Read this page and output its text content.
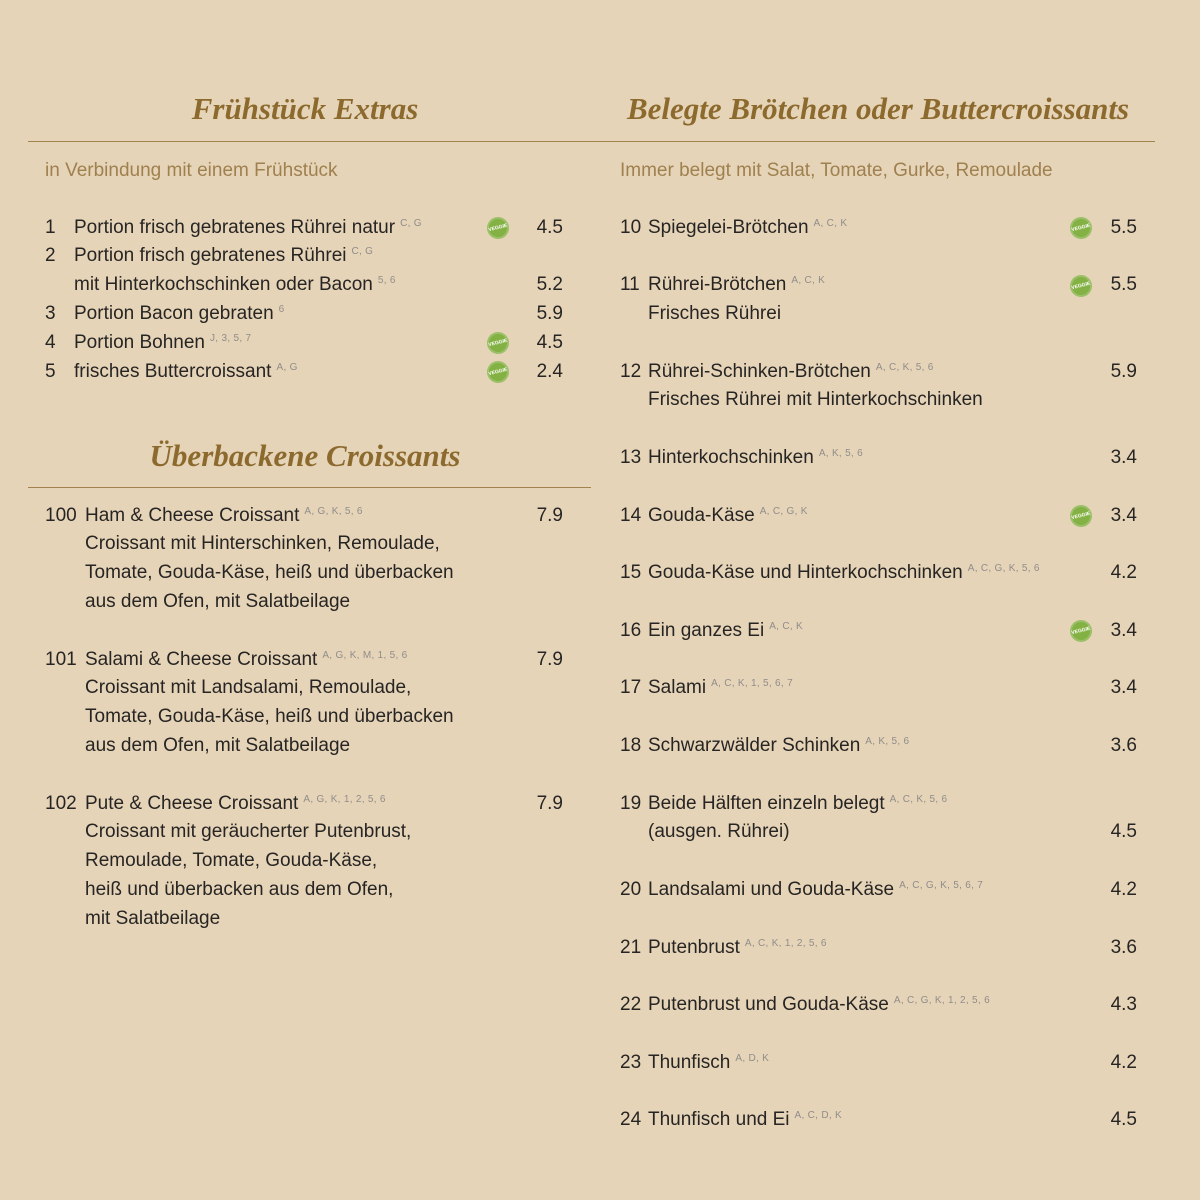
Frühstück Extras
in Verbindung mit einem Frühstück
1 Portion frisch gebratenes Rührei natur $^{C, G}$	VEGGIE 4.5
2 Portion frisch gebratenes Rührei $^{C, G}$
mit Hinterkochschinken oder Bacon $^{5, 6}$	5.2
3 Portion Bacon gebraten $^6$	5.9
4 Portion Bohnen $^{J, 3, 5, 7}$	VEGGIE 4.5
5 frisches Buttercroissant $^{A, G}$	VEGGIE 2.4
Überbackene Croissants
100 Ham & Cheese Croissant $^{A, G, K, 5, 6}$	7.9
Croissant mit Hinterschinken, Remoulade,
Tomate, Gouda-Käse, heiß und überbacken
aus dem Ofen, mit Salatbeilage
101 Salami & Cheese Croissant $^{A, G, K, M, 1, 5, 6}$	7.9
Croissant mit Landsalami, Remoulade,
Tomate, Gouda-Käse, heiß und überbacken
aus dem Ofen, mit Salatbeilage
102 Pute & Cheese Croissant $^{A, G, K, 1, 2, 5, 6}$	7.9
Croissant mit geräucherter Putenbrust,
Remoulade, Tomate, Gouda-Käse,
heiß und überbacken aus dem Ofen,
mit Salatbeilage
Belegte Brötchen oder Buttercroissants
Immer belegt mit Salat, Tomate, Gurke, Remoulade
10 Spiegelei-Brötchen $^{A, C, K}$	VEGGIE 5.5
11 Rührei-Brötchen $^{A, C, K}$	VEGGIE 5.5
Frisches Rührei
12 Rührei-Schinken-Brötchen $^{A, C, K, 5, 6}$	5.9
Frisches Rührei mit Hinterkochschinken
13 Hinterkochschinken $^{A, K, 5, 6}$	3.4
14 Gouda-Käse $^{A, C, G, K}$	VEGGIE 3.4
15 Gouda-Käse und Hinterkochschinken $^{A, C, G, K, 5, 6}$	4.2
16 Ein ganzes Ei $^{A, C, K}$	VEGGIE 3.4
17 Salami $^{A, C, K, 1, 5, 6, 7}$	3.4
18 Schwarzwälder Schinken $^{A, K, 5, 6}$	3.6
19 Beide Hälften einzeln belegt $^{A, C, K, 5, 6}$
(ausgen. Rührei)	4.5
20 Landsalami und Gouda-Käse $^{A, C, G, K, 5, 6, 7}$	4.2
21 Putenbrust $^{A, C, K, 1, 2, 5, 6}$	3.6
22 Putenbrust und Gouda-Käse $^{A, C, G, K, 1, 2, 5, 6}$	4.3
23 Thunfisch $^{A, D, K}$	4.2
24 Thunfisch und Ei $^{A, C, D, K}$	4.5
